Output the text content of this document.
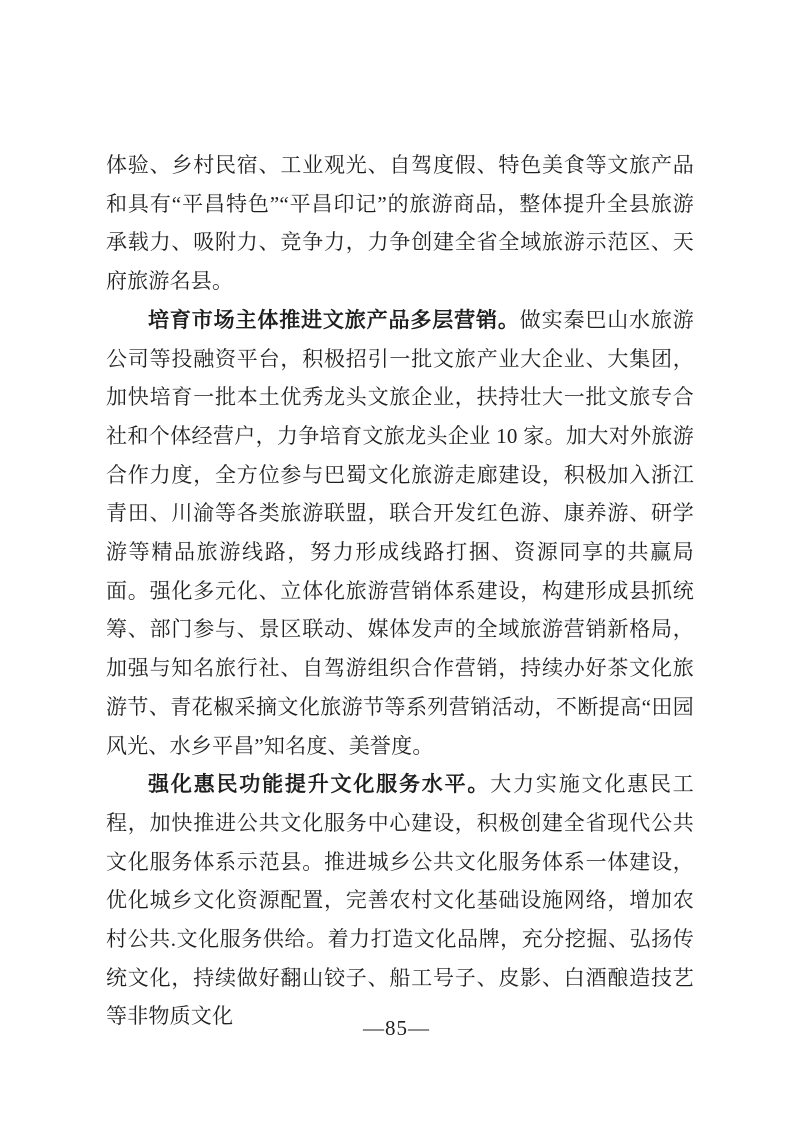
体验、乡村民宿、工业观光、自驾度假、特色美食等文旅产品和具有“平昌特色”“平昌印记”的旅游商品，整体提升全县旅游承载力、吸附力、竞争力，力争创建全省全域旅游示范区、天府旅游名县。

培育市场主体推进文旅产品多层营销。做实秦巴山水旅游公司等投融资平台，积极招引一批文旅产业大企业、大集团，加快培育一批本土优秀龙头文旅企业，扶持壮大一批文旅专合社和个体经营户，力争培育文旅龙头企业 10 家。加大对外旅游合作力度，全方位参与巴蜀文化旅游走廊建设，积极加入浙江青田、川渝等各类旅游联盟，联合开发红色游、康养游、研学游等精品旅游线路，努力形成线路打捆、资源同享的共赢局面。强化多元化、立体化旅游营销体系建设，构建形成县抓统筹、部门参与、景区联动、媒体发声的全域旅游营销新格局，加强与知名旅行社、自驾游组织合作营销，持续办好茶文化旅游节、青花椒采摘文化旅游节等系列营销活动，不断提高“田园风光、水乡平昌”知名度、美誉度。

强化惠民功能提升文化服务水平。大力实施文化惠民工程，加快推进公共文化服务中心建设，积极创建全省现代公共文化服务体系示范县。推进城乡公共文化服务体系一体建设，优化城乡文化资源配置，完善农村文化基础设施网络，增加农村公共.文化服务供给。着力打造文化品牌，充分挖掘、弘扬传统文化，持续做好翻山铰子、船工号子、皮影、白酒酿造技艺等非物质文化	—85—
